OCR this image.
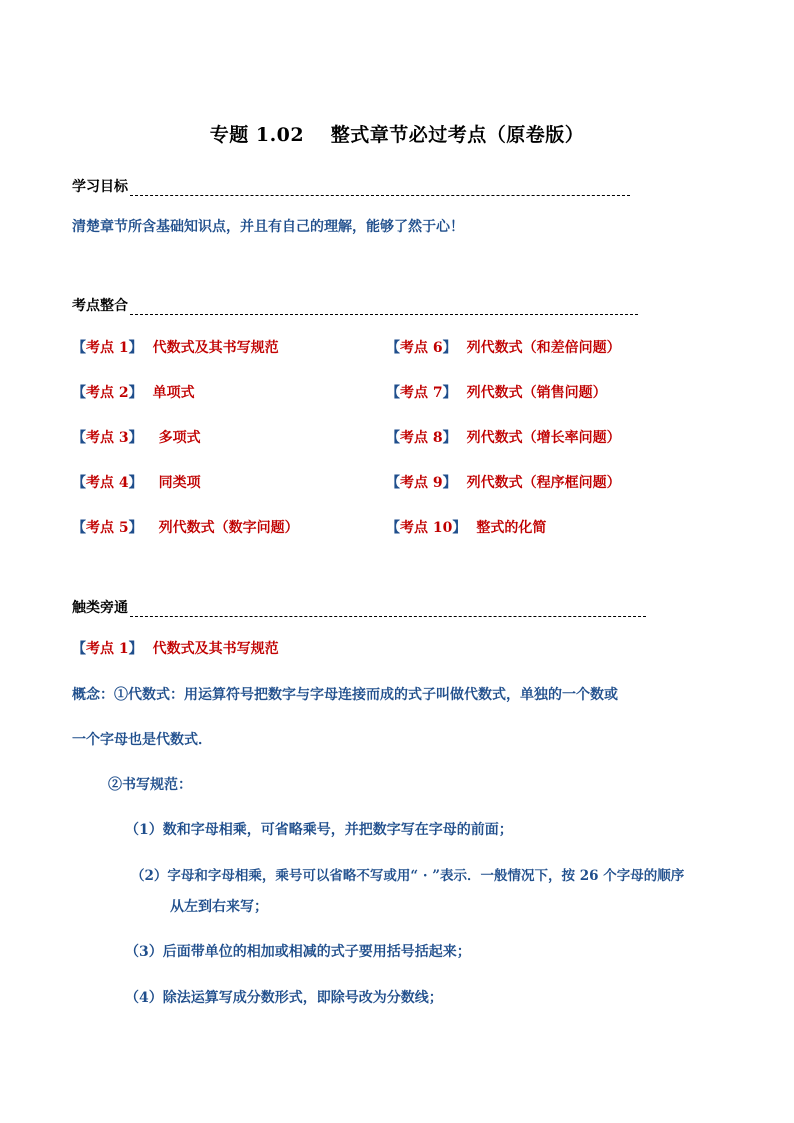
专题 1.02　 整式章节必过考点（原卷版）
学习目标
清楚章节所含基础知识点，并且有自己的理解，能够了然于心！
考点整合
【 考点 1 】 代数式及其书写规范
【 考点 2 】 单项式
【 考点 3 】 多项式
【 考点 4 】 同类项
【 考点 5 】 列代数式（数字问题）
【 考点 6 】 列代数式（和差倍问题）
【 考点 7 】 列代数式（销售问题）
【 考点 8 】 列代数式（增长率问题）
【 考点 9 】 列代数式（程序框问题）
【 考点 10 】 整式的化简
触类旁通
【 考点 1 】 代数式及其书写规范
概念：①代数式：用运算符号把数字与字母连接而成的式子叫做代数式，单独的一个数或
一个字母也是代数式．
②书写规范：
（1）数和字母相乘，可省略乘号，并把数字写在字母的前面；
（2）字母和字母相乘，乘号可以省略不写或用“ · ”表示．一般情况下，按 26 个字母的顺序
从左到右来写；
（3）后面带单位的相加或相减的式子要用括号括起来；
（4）除法运算写成分数形式，即除号改为分数线；
